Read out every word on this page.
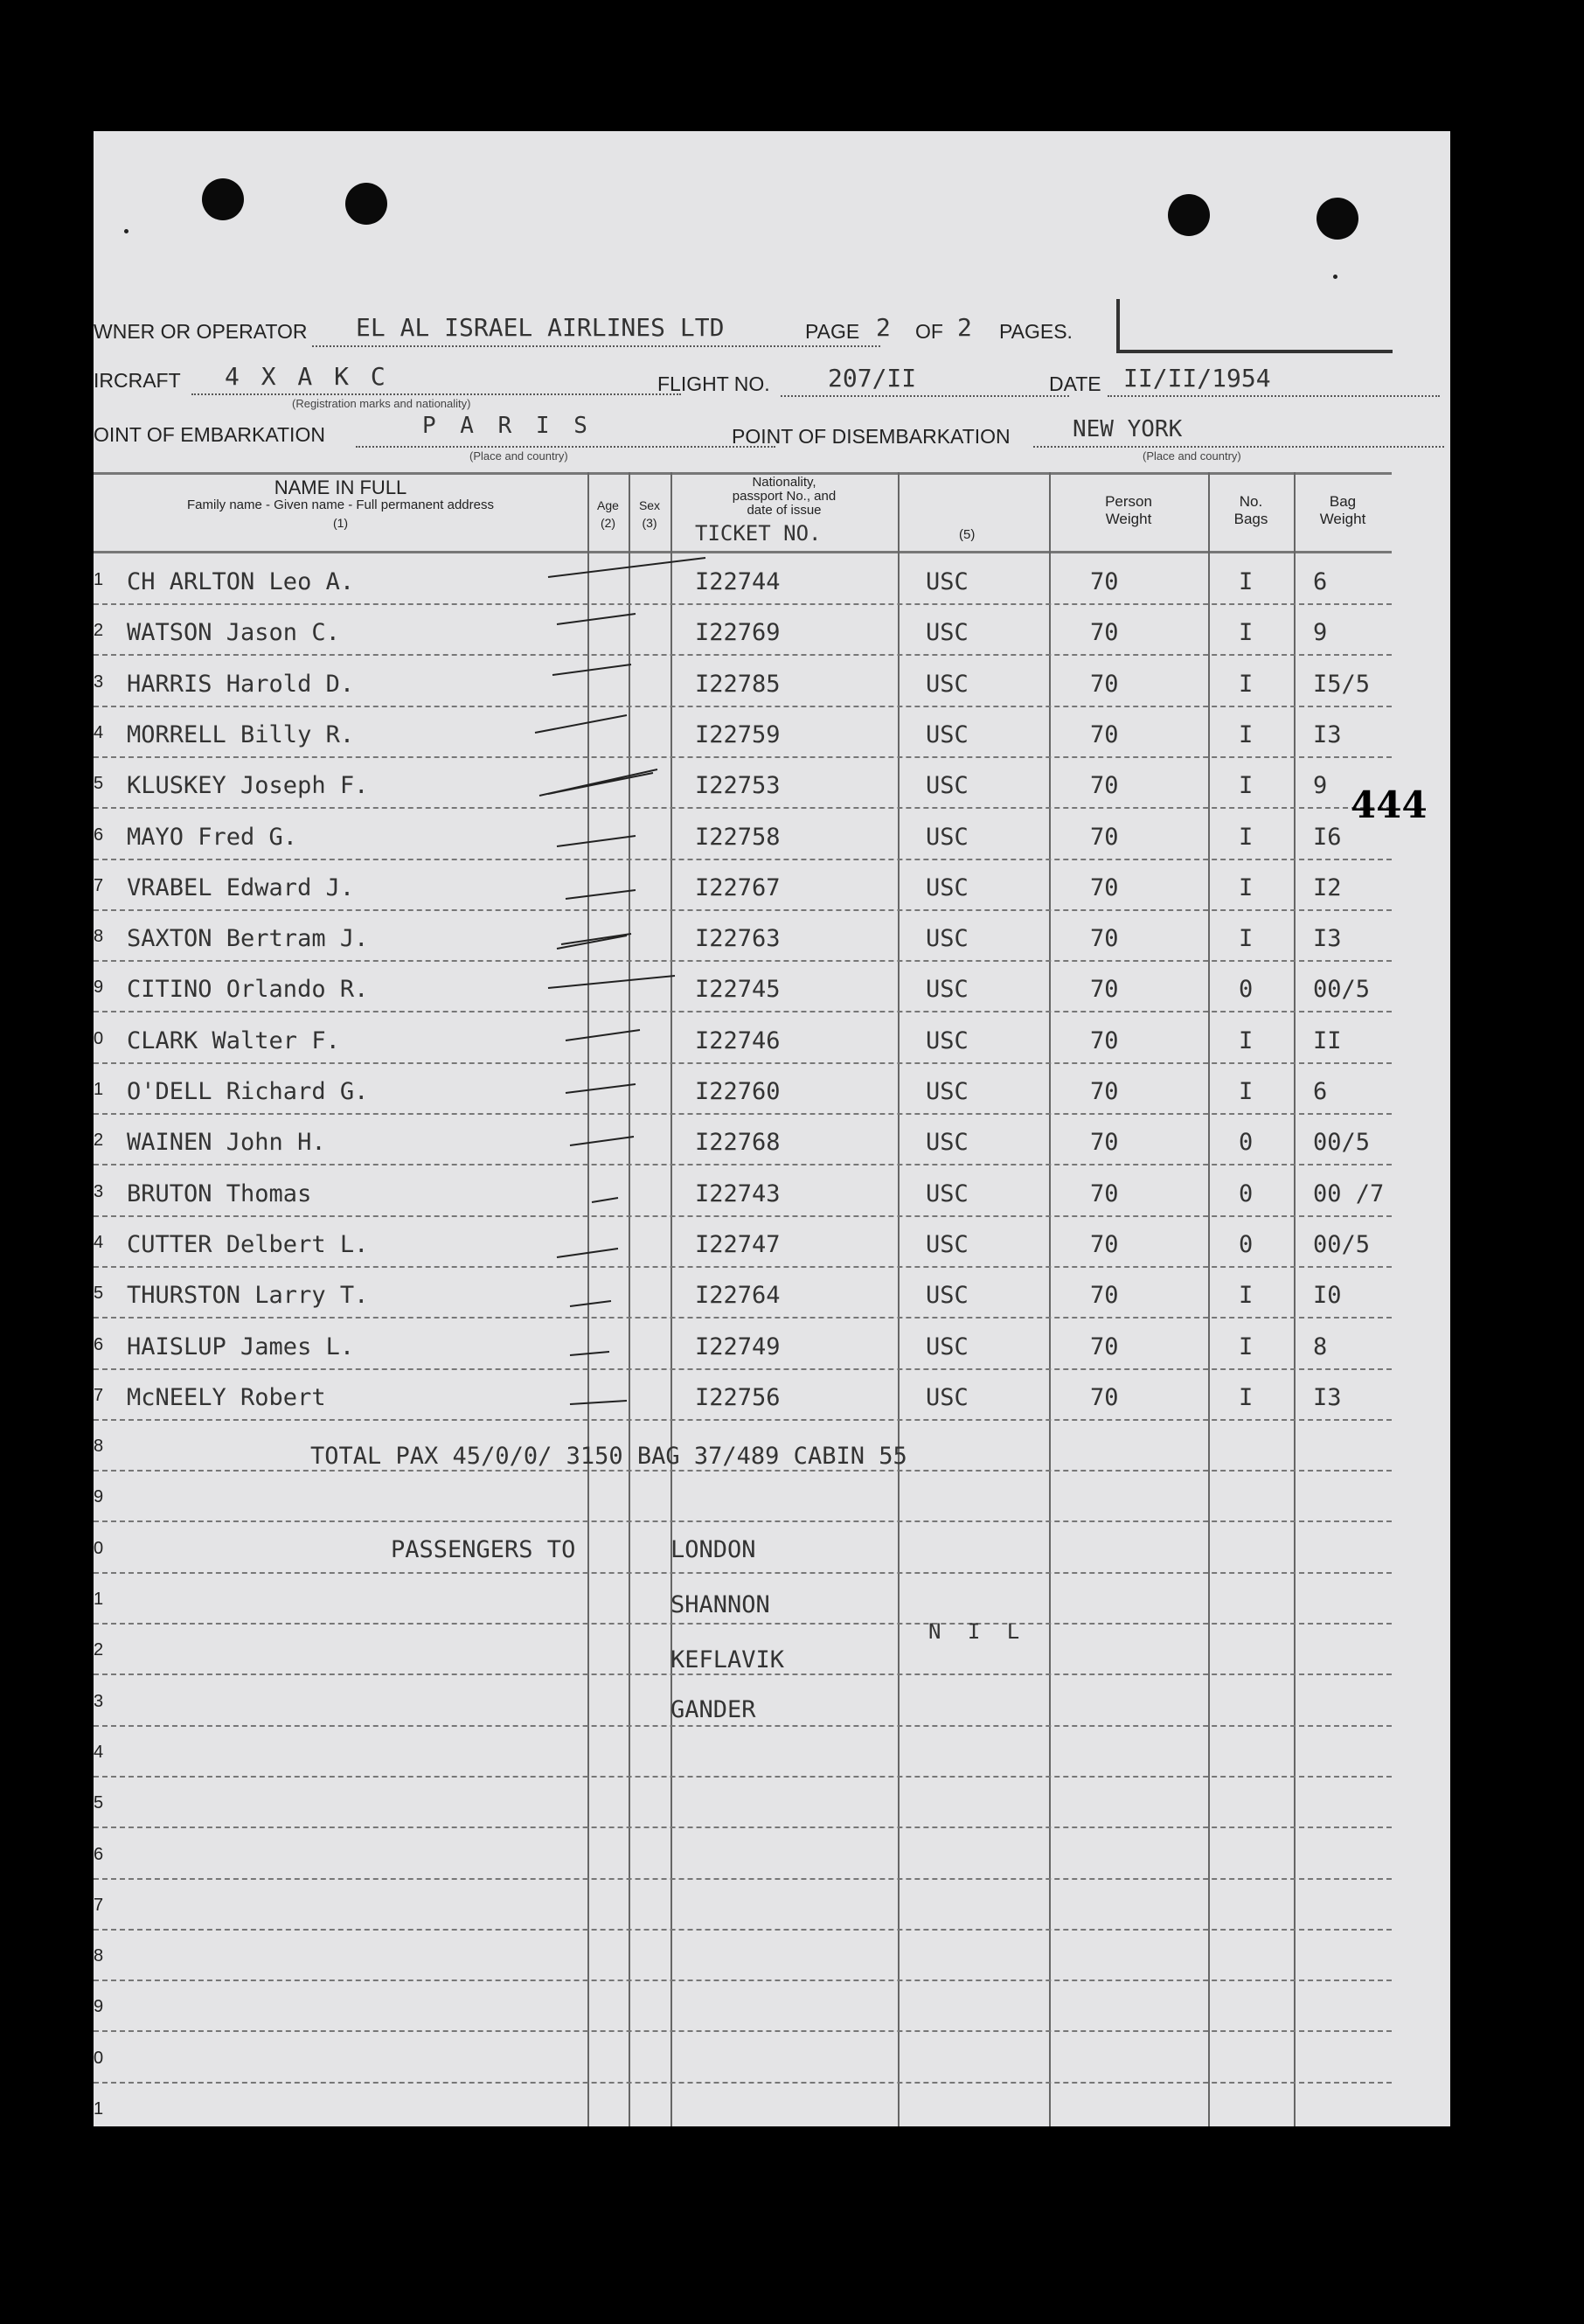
WNER OR OPERATOR EL AL ISRAEL AIRLINES LTD	PAGE 2 OF 2 PAGES.
IRCRAFT 4 X A K C
(Registration marks and nationality)
FLIGHT NO. 207/II	DATE II/II/1954
OINT OF EMBARKATION	P A R I S
(Place and country)
POINT OF DISEMBARKATION	NEW YORK
(Place and country)
NAME IN FULL
Family name - Given name - Full permanent address
(1)
Age
(2)
Sex
(3)
Nationality,
passport No., and
date of issue
TICKET NO.	(5)
Person
Weight
No.
Bags
Bag
Weight
1 CH ARLTON Leo A.	I22744	USC	70	I	6
2 WATSON Jason C.	I22769	USC	70	I	9
3 HARRIS Harold D.	I22785	USC	70	I	I5/5
4 MORRELL Billy R.	I22759	USC	70	I	I3
5 KLUSKEY Joseph F.	I22753	USC	70	I	9
6 MAYO Fred G.	I22758	USC	70	I	I6
7 VRABEL Edward J.	I22767	USC	70	I	I2
8 SAXTON Bertram J.	I22763	USC	70	I	I3
9 CITINO Orlando R.	I22745	USC	70	0	00/5
0 CLARK Walter F.	I22746	USC	70	I	II
1 O'DELL Richard G.	I22760	USC	70	I	6
2 WAINEN John H.	I22768	USC	70	0	00/5
3 BRUTON Thomas	I22743	USC	70	0	00 /7
4 CUTTER Delbert L.	I22747	USC	70	0	00/5
5 THURSTON Larry T.	I22764	USC	70	I	I0
6 HAISLUP James L.	I22749	USC	70	I	8
7 McNEELY Robert	I22756	USC	70	I	I3
8
9
0
1
2
3
4
5
6
7
8
9
0
1
TOTAL PAX 45/0/0/ 3150 BAG 37/489 CABIN 55
PASSENGERS TO	LONDON
SHANNON
KEFLAVIK
GANDER
N I L
444
